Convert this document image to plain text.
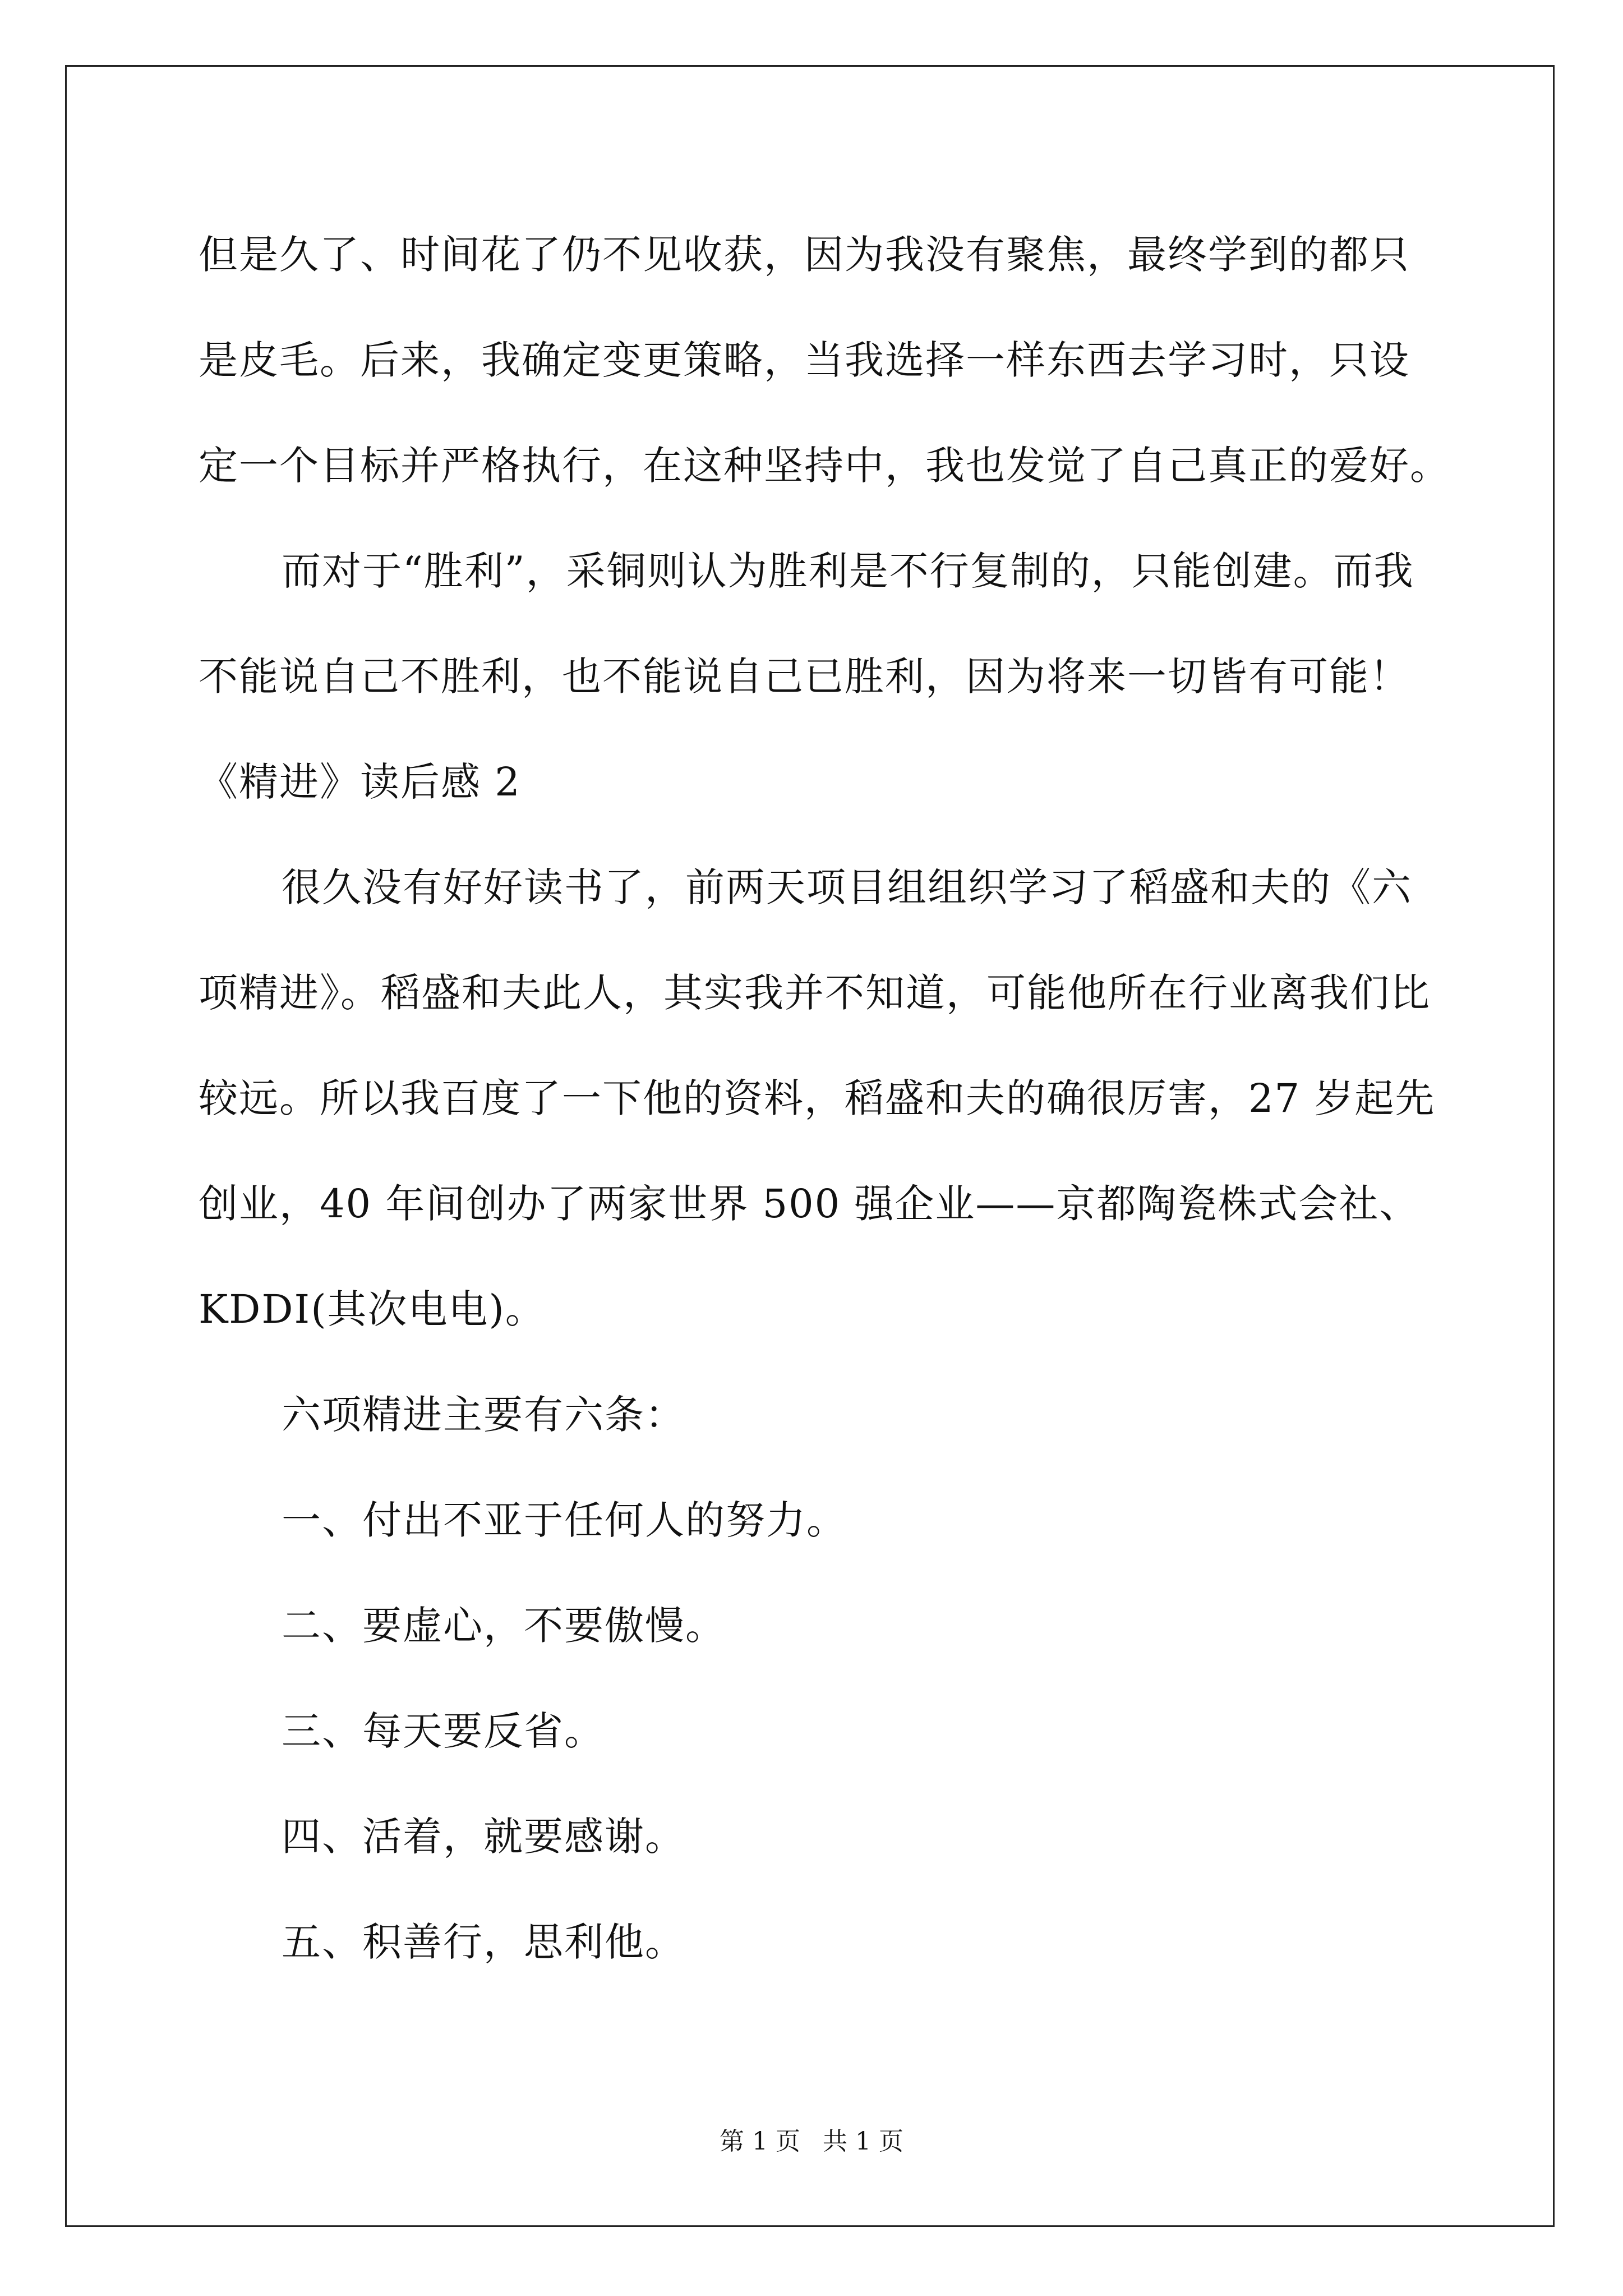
但是久了、时间花了仍不见收获，因为我没有聚焦，最终学到的都只
是皮毛。后来，我确定变更策略，当我选择一样东西去学习时，只设
定一个目标并严格执行，在这种坚持中，我也发觉了自己真正的爱好。
而对于“胜利”，采铜则认为胜利是不行复制的，只能创建。而我
不能说自己不胜利，也不能说自己已胜利，因为将来一切皆有可能！
《精进》读后感 2
很久没有好好读书了，前两天项目组组织学习了稻盛和夫的《六
项精进》。稻盛和夫此人，其实我并不知道，可能他所在行业离我们比
较远。所以我百度了一下他的资料，稻盛和夫的确很厉害，27 岁起先
创业，40 年间创办了两家世界 500 强企业——京都陶瓷株式会社、
KDDI(其次电电)。
六项精进主要有六条：
一、付出不亚于任何人的努力。
二、要虚心，不要傲慢。
三、每天要反省。
四、活着，就要感谢。
五、积善行，思利他。
第 1 页 共 1 页
